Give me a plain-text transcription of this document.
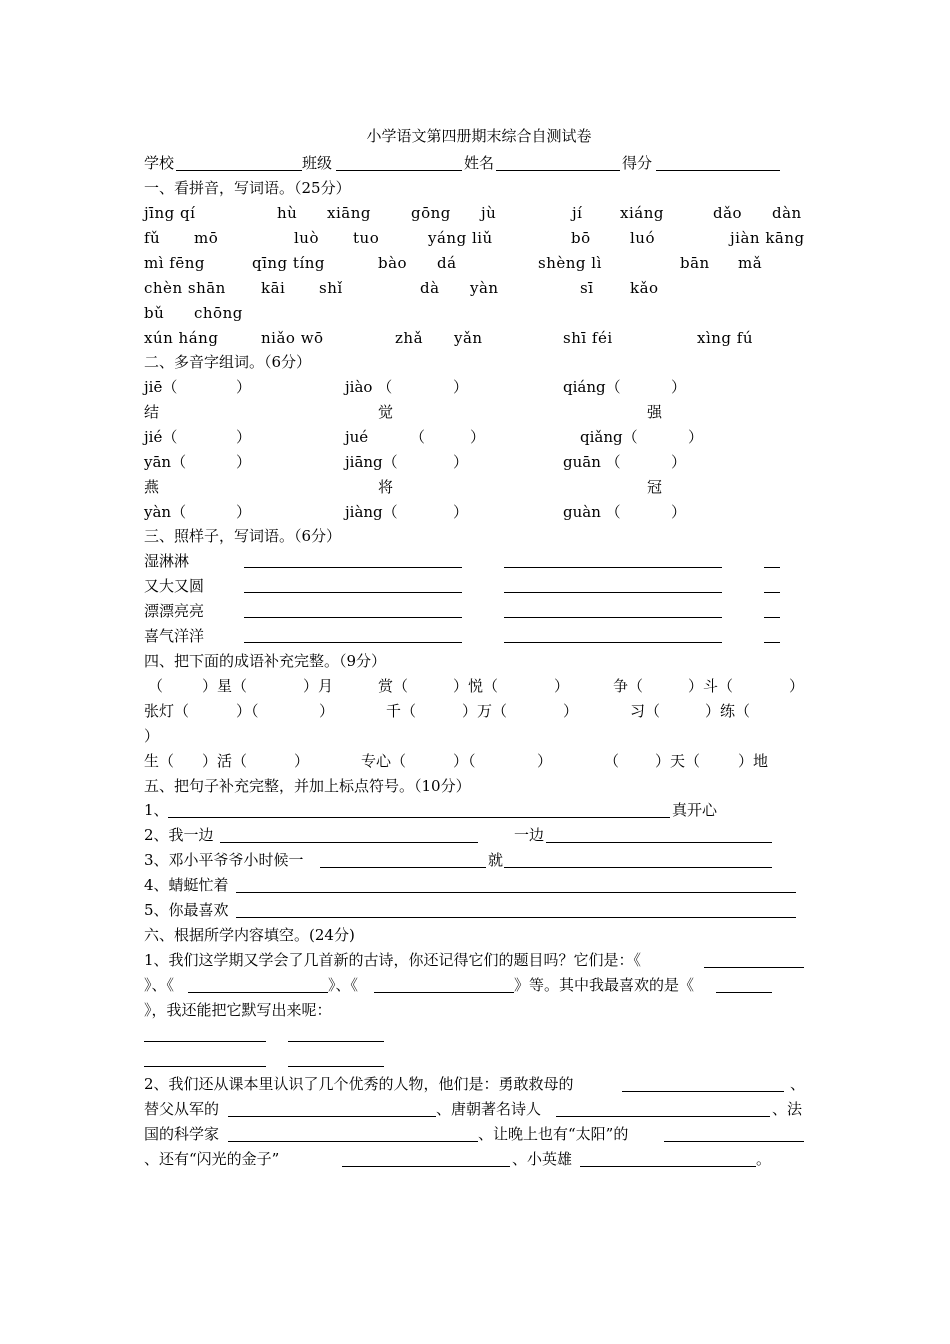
小学语文第四册期末综合自测试卷
学校	班级	姓名	得分
一、看拼音，写词语。（25分）
jīng qí	hù xiāng	gōng jù	jí	xiáng	dǎo dàn
fǔ mō	luò tuo	yáng liǔ	bō	luó	jiàn kāng
mì fēng	qīng tíng	bào dá	shèng lì	bān mǎ
chèn shān kāi shǐ	dà yàn	sī kǎo
bǔ chōng
xún háng	niǎo wō	zhǎ yǎn	shī féi	xìng fú
二、多音字组词。（6分）
jiē（	）	jiào （	）	qiáng（	）
结	觉	强
jié（	）	jué	（	）	qiǎng（	）
yān（	）	jiāng（	）	guān （	）
燕	将	冠
yàn（	）	jiàng（	）	guàn （	）
三、照样子，写词语。（6分）
湿淋淋
又大又圆
漂漂亮亮
喜气洋洋
四、把下面的成语补充完整。（9分）
（	）星（	）月	赏（	）悦（	）	争（	）斗（	）
张灯（	）（	）	千（	）万（	）	习（	）练（
）
生（ ）活（	）	专心（	）（	）	（ ）天（	）地
五、把句子补充完整，并加上标点符号。（10分）
1、	真开心
2、我一边	一边
3、邓小平爷爷小时候一	就
4、蜻蜓忙着
5、你最喜欢
六、根据所学内容填空。(24分)
1、我们这学期又学会了几首新的古诗，你还记得它们的题目吗？它们是：《
》、《	》、《	》等。其中我最喜欢的是《
》，我还能把它默写出来呢：
2、我们还从课本里认识了几个优秀的人物，他们是：勇敢救母的	、
替父从军的	、唐朝著名诗人	、法
国的科学家	、让晚上也有“太阳”的
、还有“闪光的金子”	、小英雄	。
